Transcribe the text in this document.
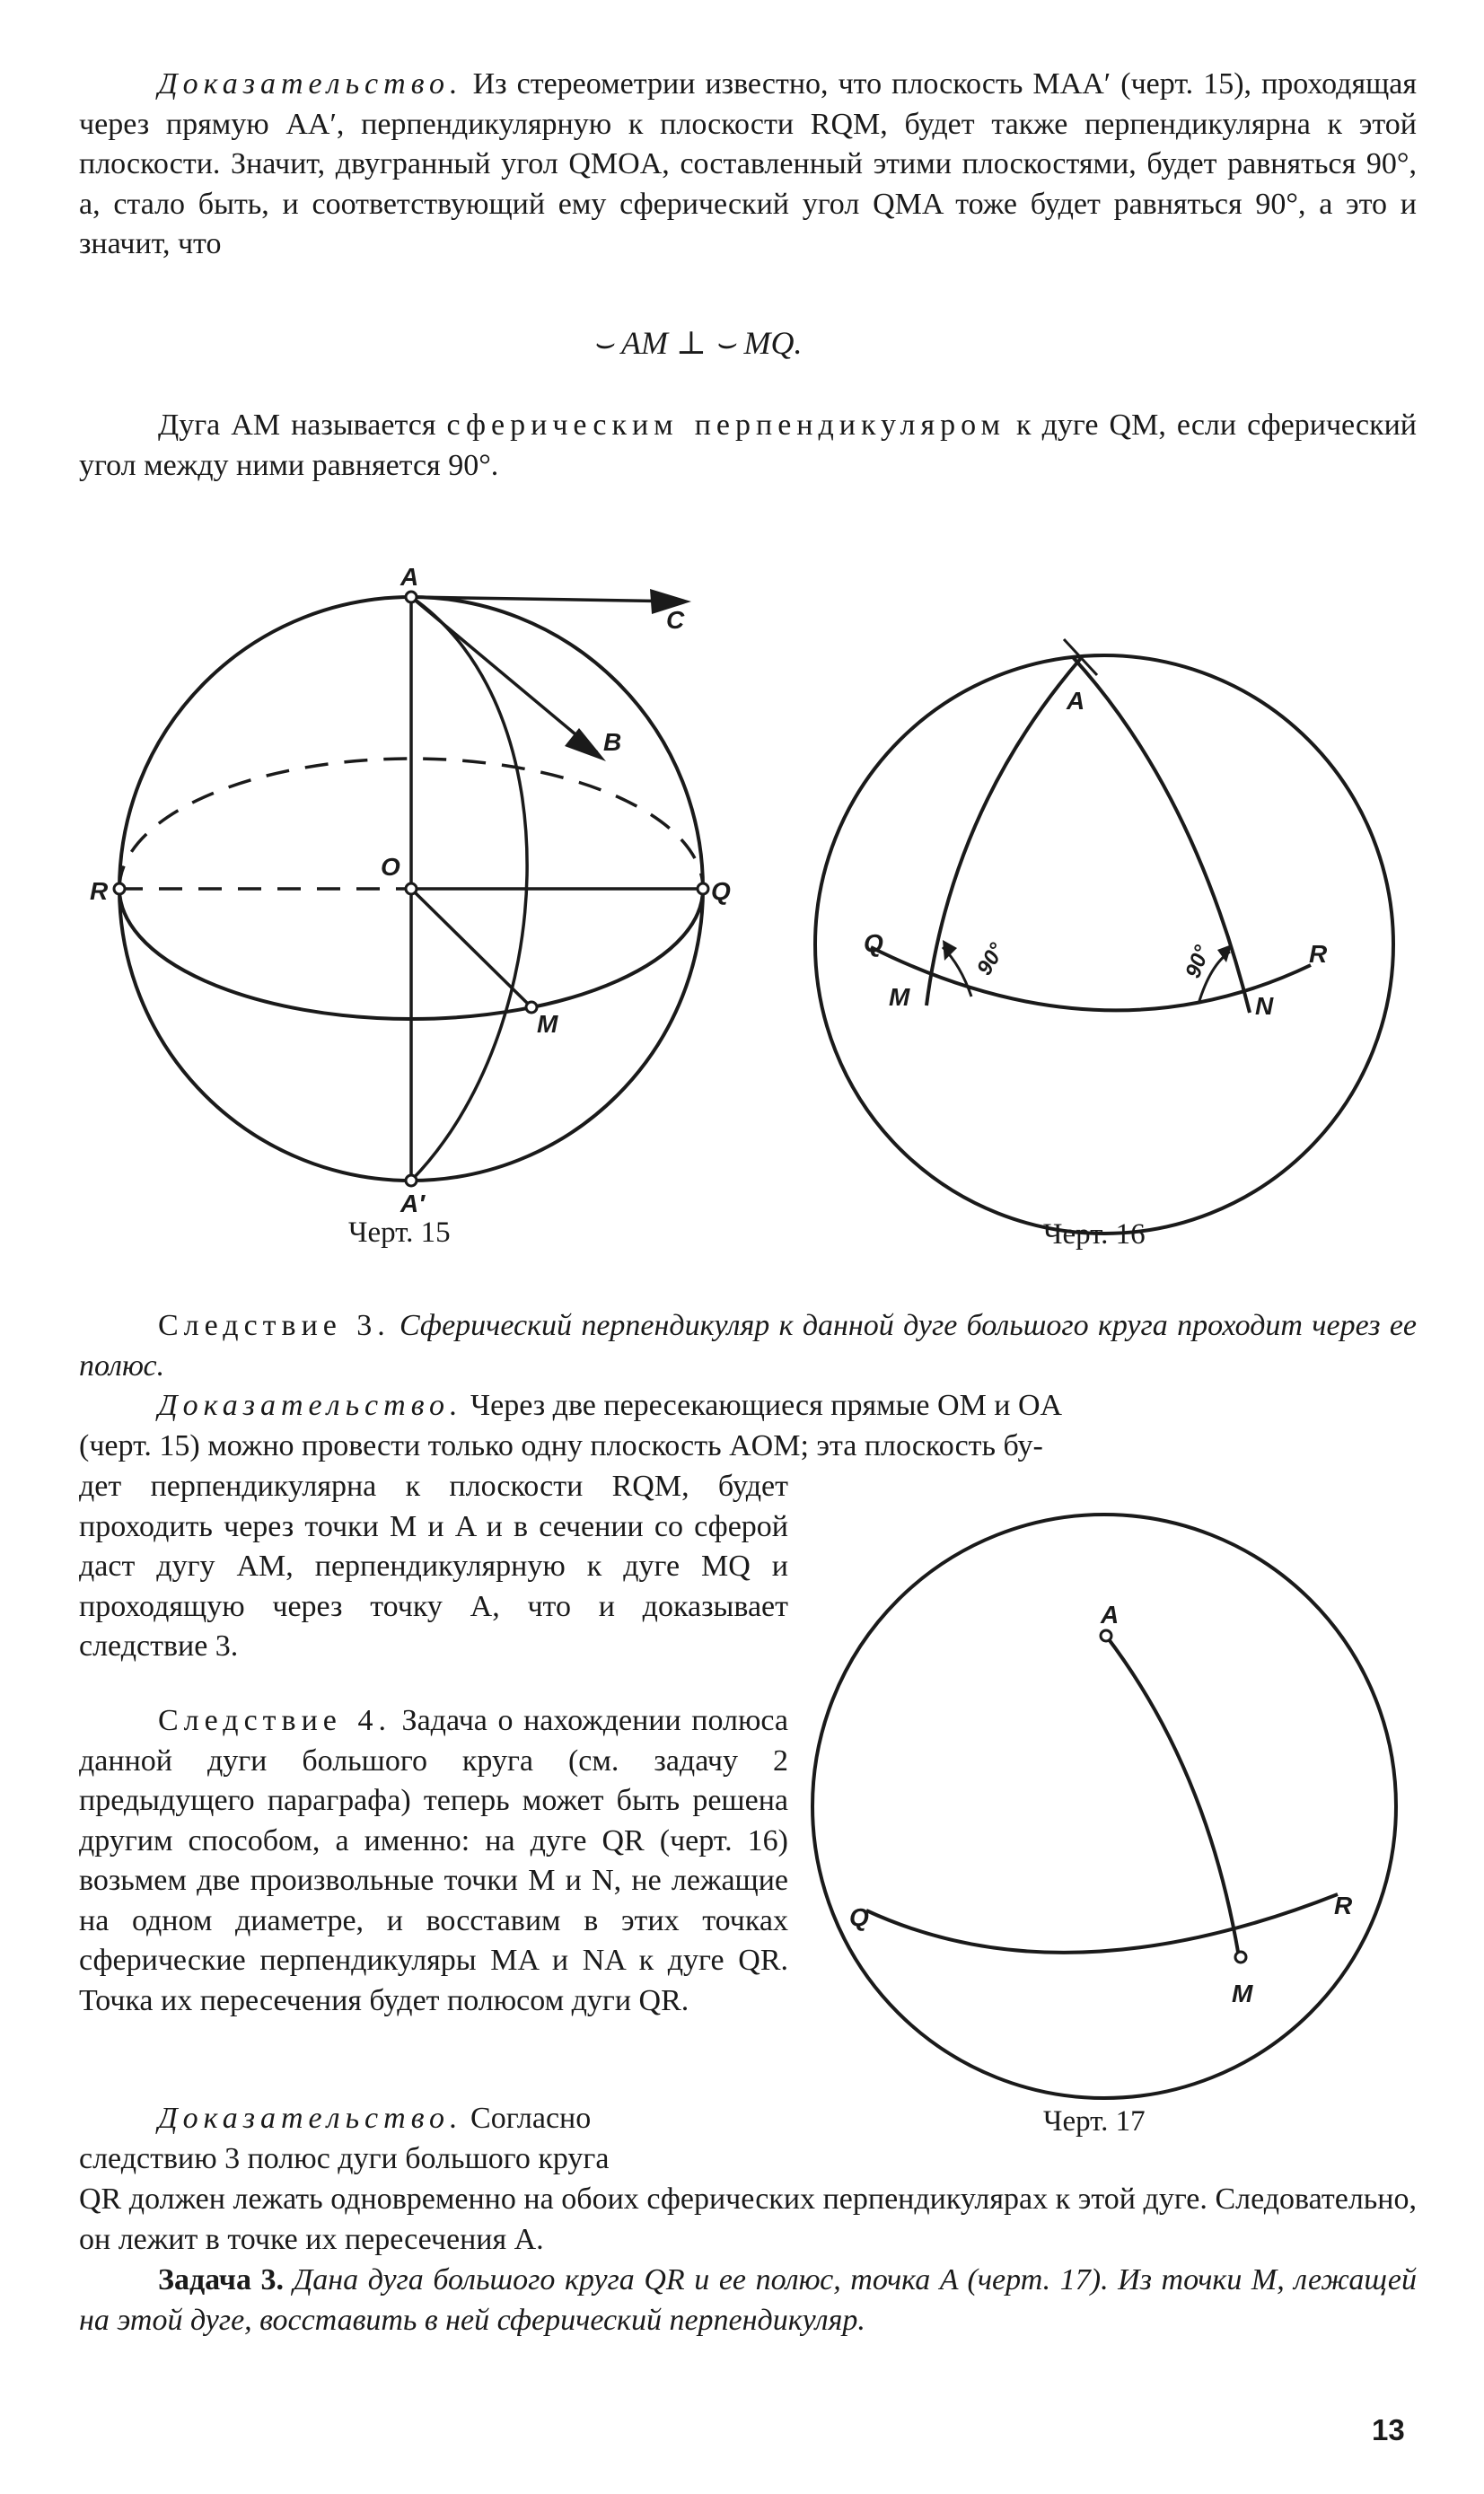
Доказательство. Из стереометрии известно, что плоскость MAA′ (черт. 15), проходящая через прямую AA′, перпендикулярную к плоскости RQM, будет также перпендикулярна к этой плоскости. Значит, двугранный угол QMOA, составленный этими плоскостями, будет равняться 90°, а, стало быть, и соответствующий ему сферический угол QMA тоже будет равняться 90°, а это и значит, что
⌣ AM ⊥ ⌣ MQ.
Дуга AM называется сферическим перпендикуляром к дуге QM, если сферический угол между ними равняется 90°.
A
C
B
O
R	Q
M
A′
Черт. 15
A
Q
M	N
R
90°	90°
Черт. 16
Следствие 3. Сферический перпендикуляр к данной дуге большого круга проходит через ее полюс.
Доказательство. Через две пересекающиеся прямые OM и OA
(черт. 15) можно провести только одну плоскость AOM; эта плоскость бу-
дет перпендикулярна к плоскости RQM, будет проходить через точки M и A и в сечении со сферой даст дугу AM, перпендикулярную к дуге MQ и проходящую через точку A, что и доказывает следствие 3.
Следствие 4. Задача о нахождении полюса данной дуги большого круга (см. задачу 2 предыдущего параграфа) теперь может быть решена другим способом, а именно: на дуге QR (черт. 16) возьмем две произвольные точки M и N, не лежащие на одном диаметре, и восставим в этих точках сферические перпендикуляры MA и NA к дуге QR. Точка их пересечения будет полюсом дуги QR.
Доказательство. Согласно
следствию 3 полюс дуги большого круга
QR должен лежать одновременно на обоих сферических перпендикулярах к этой дуге. Следовательно, он лежит в точке их пересечения A.
A
Q	R
M
Черт. 17
Задача 3. Дана дуга большого круга QR и ее полюс, точка A (черт. 17). Из точки M, лежащей на этой дуге, восставить в ней сферический перпендикуляр.
13
